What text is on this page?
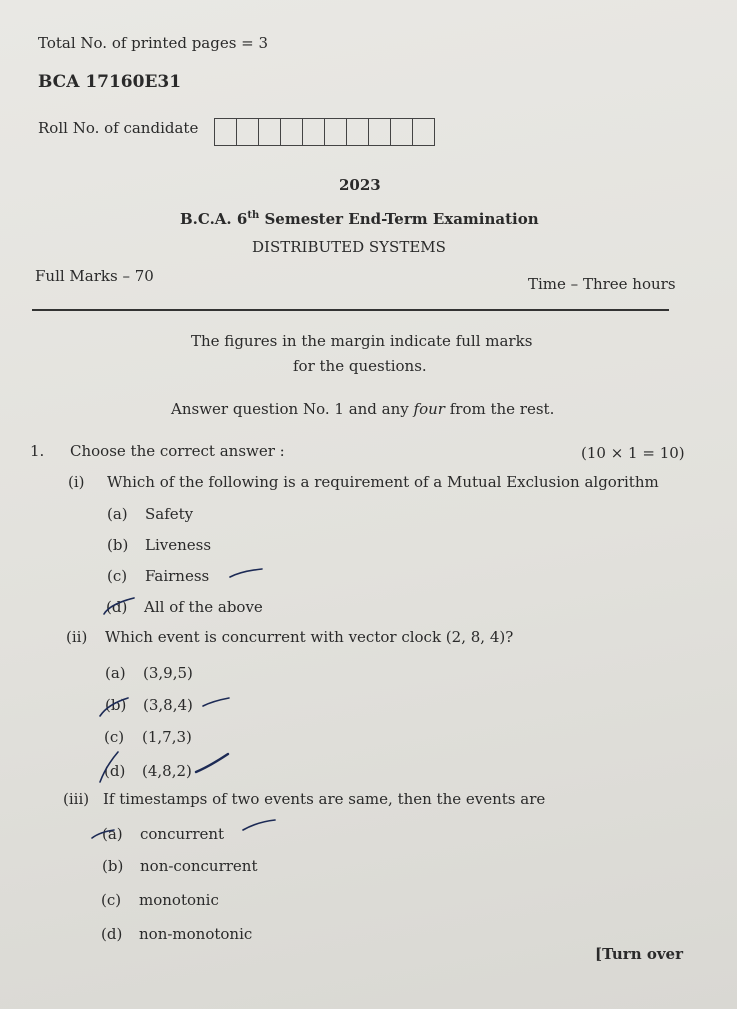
Total No. of printed pages = 3
BCA 17160E31
Roll No. of candidate
2023
B.C.A. 6th Semester End-Term Examination
DISTRIBUTED SYSTEMS
Full Marks – 70	Time – Three hours
The figures in the margin indicate full marks
for the questions.
Answer question No. 1 and any four from the rest.
1. Choose the correct answer :	(10 × 1 = 10)
(i) Which of the following is a requirement of a Mutual Exclusion algorithm
(a) Safety
(b) Liveness
(c) Fairness
(d) All of the above
(ii) Which event is concurrent with vector clock (2, 8, 4)?
(a) (3,9,5)
(b) (3,8,4)
(c) (1,7,3)
(d) (4,8,2)
(iii) If timestamps of two events are same, then the events are
(a) concurrent
(b) non-concurrent
(c) monotonic
(d) non-monotonic
[Turn over
